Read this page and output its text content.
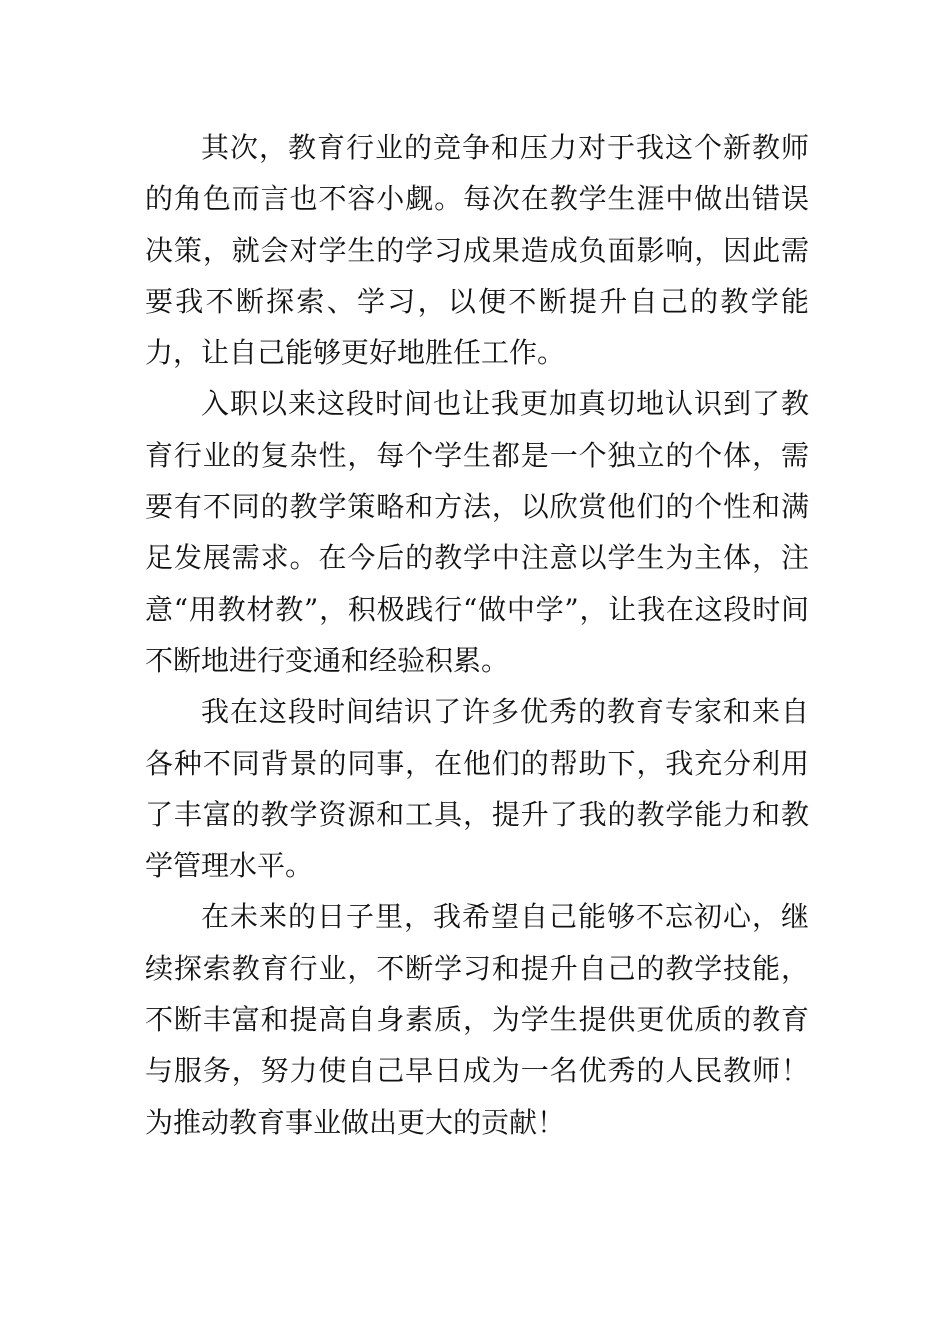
其次，教育行业的竞争和压力对于我这个新教师的角色而言也不容小觑。每次在教学生涯中做出错误决策，就会对学生的学习成果造成负面影响，因此需要我不断探索、学习，以便不断提升自己的教学能力，让自己能够更好地胜任工作。

入职以来这段时间也让我更加真切地认识到了教育行业的复杂性，每个学生都是一个独立的个体，需要有不同的教学策略和方法，以欣赏他们的个性和满足发展需求。在今后的教学中注意以学生为主体，注意“用教材教”，积极践行“做中学”，让我在这段时间不断地进行变通和经验积累。

我在这段时间结识了许多优秀的教育专家和来自各种不同背景的同事，在他们的帮助下，我充分利用了丰富的教学资源和工具，提升了我的教学能力和教学管理水平。

在未来的日子里，我希望自己能够不忘初心，继续探索教育行业，不断学习和提升自己的教学技能，不断丰富和提高自身素质，为学生提供更优质的教育与服务，努力使自己早日成为一名优秀的人民教师！为推动教育事业做出更大的贡献！
